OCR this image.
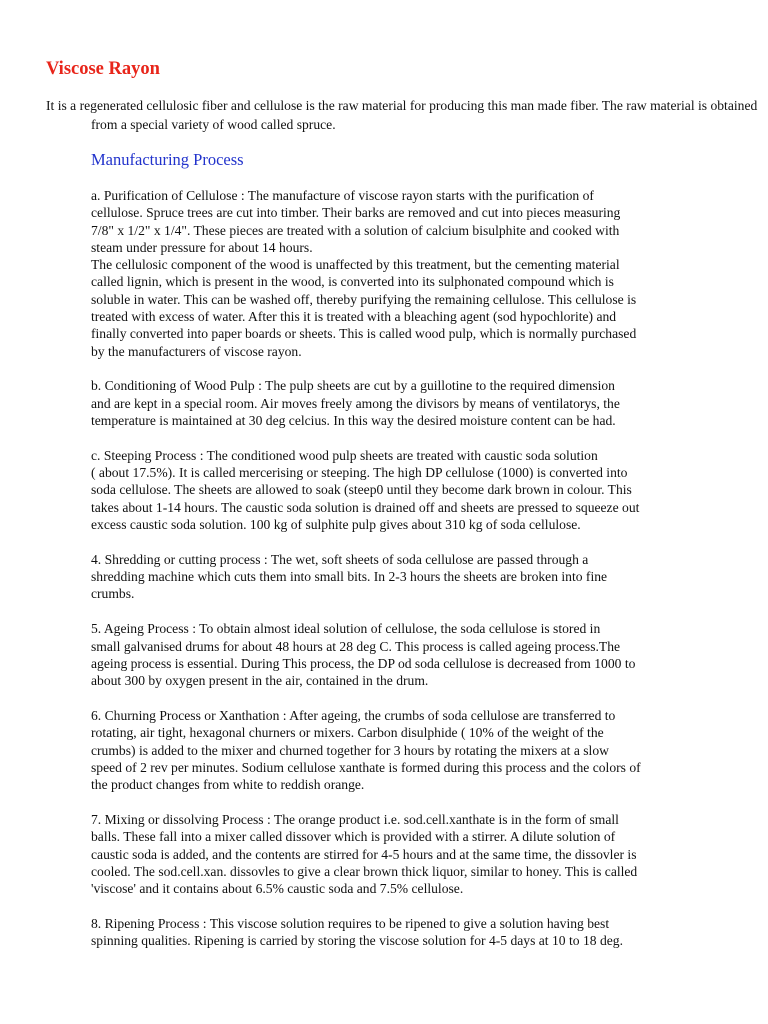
Viscose Rayon

It is a regenerated cellulosic fiber and cellulose is the raw material for producing this man made fiber. The raw material is obtained from a special variety of wood called spruce.

Manufacturing Process

a. Purification of Cellulose : The manufacture of viscose rayon starts with the purification of
cellulose. Spruce trees are cut into timber. Their barks are removed and cut into pieces measuring
7/8" x 1/2" x 1/4". These pieces are treated with a solution of calcium bisulphite and cooked with
steam under pressure for about 14 hours.
The cellulosic component of the wood is unaffected by this treatment, but the cementing material
called lignin, which is present in the wood, is converted into its sulphonated compound which is
soluble in water. This can be washed off, thereby purifying the remaining cellulose. This cellulose is
treated with excess of water. After this it is treated with a bleaching agent (sod hypochlorite) and
finally converted into paper boards or sheets. This is called wood pulp, which is normally purchased
by the manufacturers of viscose rayon.

b. Conditioning of Wood Pulp : The pulp sheets are cut by a guillotine to the required dimension
and are kept in a special room. Air moves freely among the divisors by means of ventilatorys, the
temperature is maintained at 30 deg celcius. In this way the desired moisture content can be had.

c. Steeping Process : The conditioned wood pulp sheets are treated with caustic soda solution
( about 17.5%). It is called mercerising or steeping. The high DP cellulose (1000) is converted into
soda cellulose. The sheets are allowed to soak (steep0 until they become dark brown in colour. This
takes about 1-14 hours. The caustic soda solution is drained off and sheets are pressed to squeeze out
excess caustic soda solution. 100 kg of sulphite pulp gives about 310 kg of soda cellulose.

4. Shredding or cutting process : The wet, soft sheets of soda cellulose are passed through a
shredding machine which cuts them into small bits. In 2-3 hours the sheets are broken into fine
crumbs.

5. Ageing Process : To obtain almost ideal solution of cellulose, the soda cellulose is stored in
small galvanised drums for about 48 hours at 28 deg C. This process is called ageing process.The
ageing process is essential. During This process, the DP od soda cellulose is decreased from 1000 to
about 300 by oxygen present in the air, contained in the drum.

6. Churning Process or Xanthation : After ageing, the crumbs of soda cellulose are transferred to
rotating, air tight, hexagonal churners or mixers. Carbon disulphide ( 10% of the weight of the
crumbs) is added to the mixer and churned together for 3 hours by rotating the mixers at a slow
speed of 2 rev per minutes. Sodium cellulose xanthate is formed during this process and the colors of
the product changes from white to reddish orange.

7. Mixing or dissolving Process : The orange product i.e. sod.cell.xanthate is in the form of small
balls. These fall into a mixer called dissover which is provided with a stirrer. A dilute solution of
caustic soda is added, and the contents are stirred for 4-5 hours and at the same time, the dissovler is
cooled. The sod.cell.xan. dissovles to give a clear brown thick liquor, similar to honey. This is called
'viscose' and it contains about 6.5% caustic soda and 7.5% cellulose.

8. Ripening Process : This viscose solution requires to be ripened to give a solution having best
spinning qualities. Ripening is carried by storing the viscose solution for 4-5 days at 10 to 18 deg.
